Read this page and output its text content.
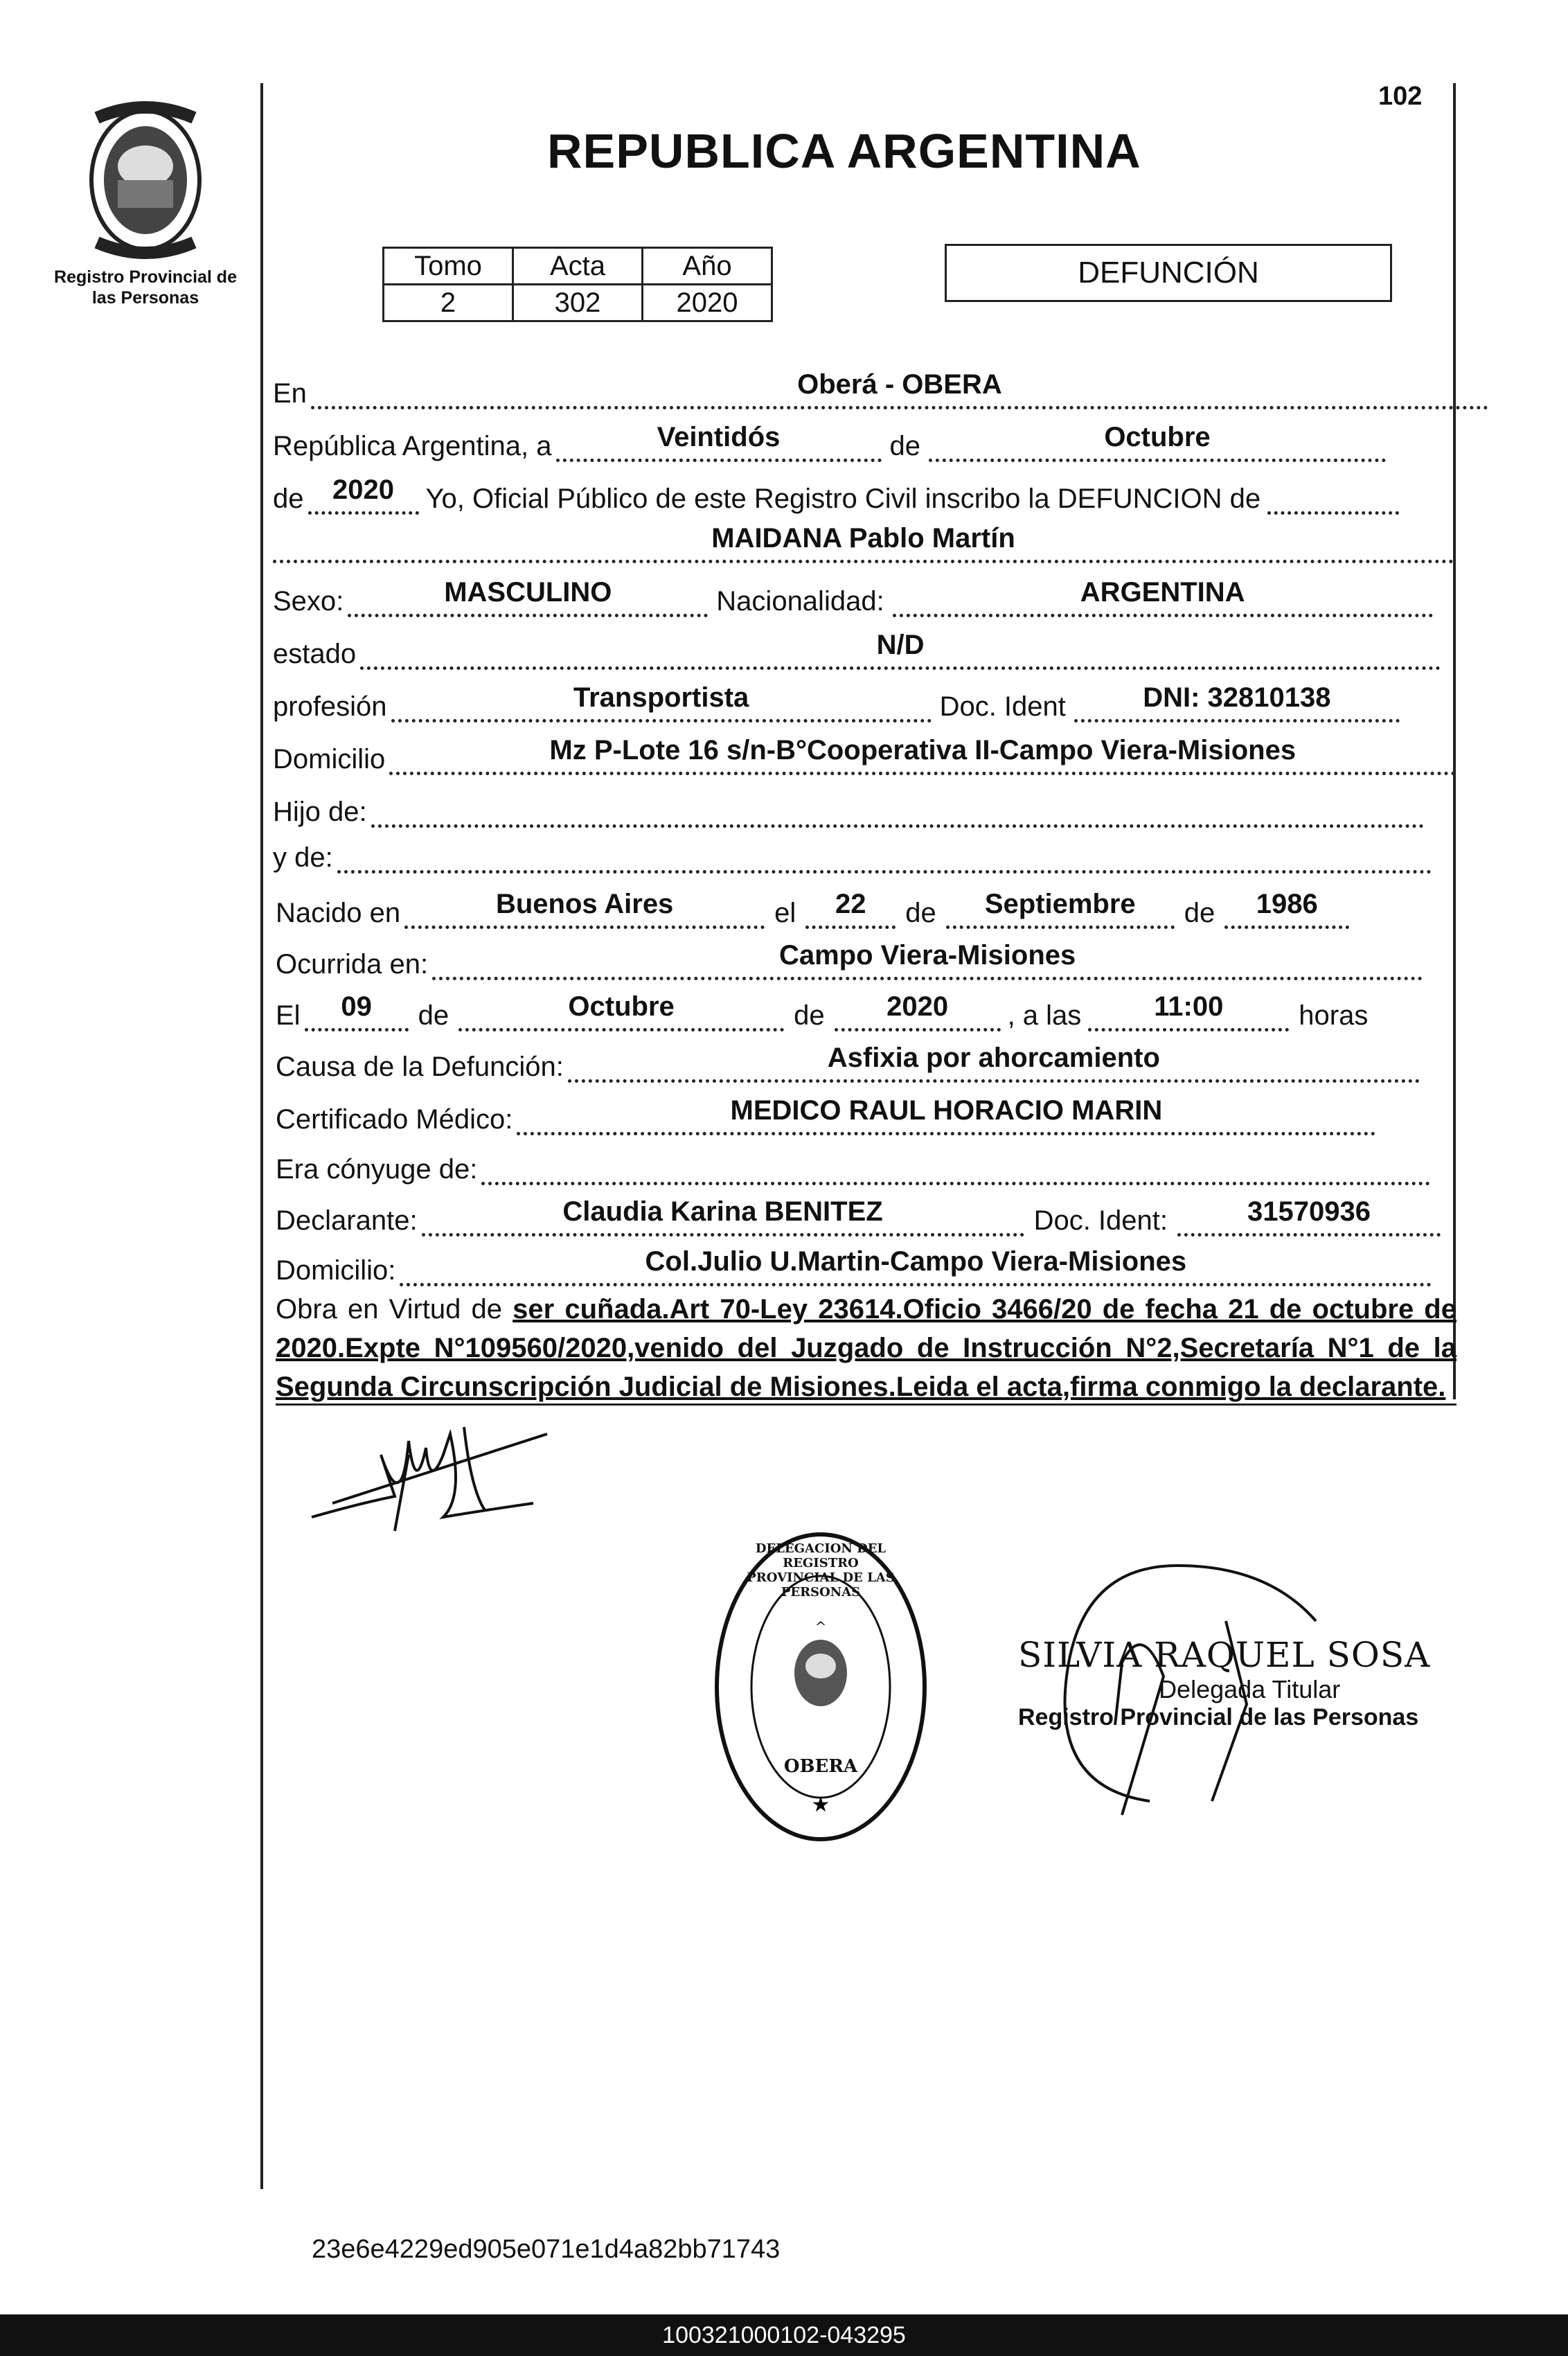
Registro Provincial de las Personas
102
REPUBLICA ARGENTINA
Tomo	Acta	Año
2	302	2020
DEFUNCIÓN
En	Oberá - OBERA
República Argentina, a	Veintidós	de	Octubre
de 2020 Yo, Oficial Público de este Registro Civil inscribo la DEFUNCION de
MAIDANA Pablo Martín
Sexo:	MASCULINO	Nacionalidad:	ARGENTINA
estado	N/D
profesión	Transportista	Doc. Ident	DNI: 32810138
Domicilio	Mz P-Lote 16 s/n-B°Cooperativa II-Campo Viera-Misiones
Hijo de:
y de:
Nacido en	Buenos Aires	el	22	de	Septiembre	de	1986
Ocurrida en:	Campo Viera-Misiones
El 09	de	Octubre	de	2020 , a las	11:00	horas
Causa de la Defunción:	Asfixia por ahorcamiento
Certificado Médico:	MEDICO RAUL HORACIO MARIN
Era cónyuge de:
Declarante:	Claudia Karina BENITEZ	Doc. Ident:	31570936
Domicilio:	Col.Julio U.Martin-Campo Viera-Misiones
Obra en Virtud de ser cuñada.Art 70-Ley 23614.Oficio 3466/20 de fecha 21 de octubre de 2020.Expte N°109560/2020,venido del Juzgado de Instrucción N°2,Secretaría N°1 de la Segunda Circunscripción Judicial de Misiones.Leida el acta,firma conmigo la declarante.
^
★
DELEGACION DEL REGISTRO PROVINCIAL DE LAS PERSONAS
OBERA
SILVIA RAQUEL SOSA
Delegada Titular
Registro Provincial de las Personas
23e6e4229ed905e071e1d4a82bb71743
100321000102-043295
